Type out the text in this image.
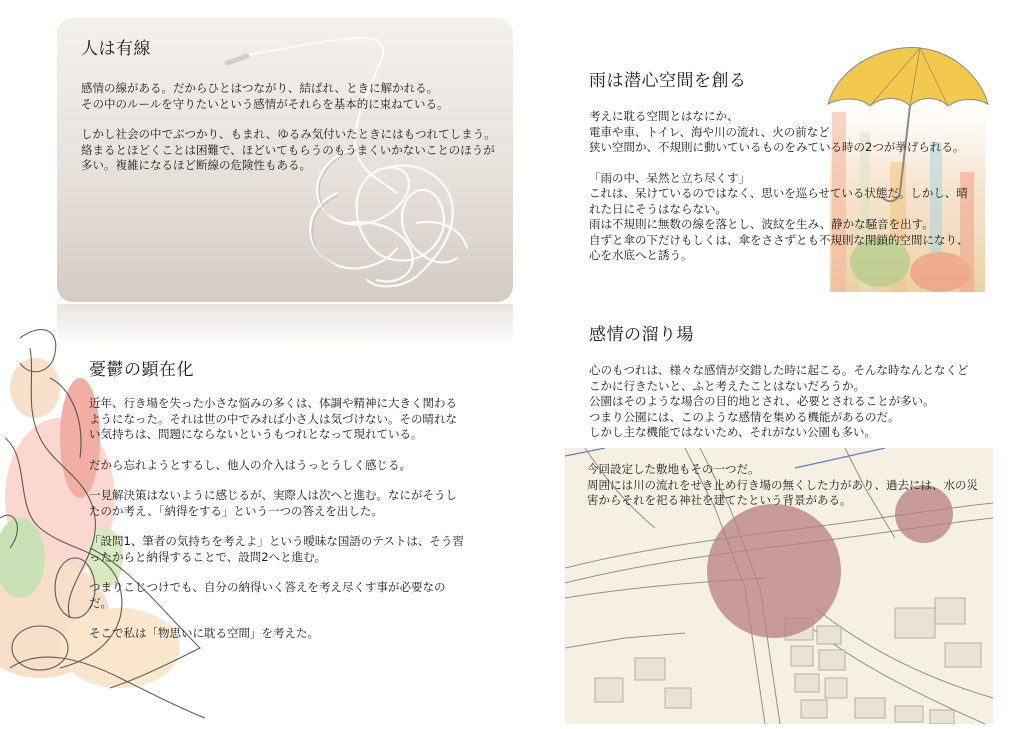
人は有線

感情の線がある。だからひとはつながり、結ばれ、ときに解かれる。
その中のルールを守りたいという感情がそれらを基本的に束ねている。

しかし社会の中でぶつかり、もまれ、ゆるみ気付いたときにはもつれてしまう。
絡まるとほどくことは困難で、ほどいてもらうのもうまくいかないことのほうが多い。複雑になるほど断線の危険性もある。

憂鬱の顕在化

近年、行き場を失った小さな悩みの多くは、体調や精神に大きく関わるようになった。それは世の中でみれば小さ人は気づけない。その晴れない気持ちは、問題にならないというもつれとなって現れている。

だから忘れようとするし、他人の介入はうっとうしく感じる。

一見解決策はないように感じるが、実際人は次へと進む。なにがそうしたのか考え、「納得をする」という一つの答えを出した。

「設問1、筆者の気持ちを考えよ」という曖昧な国語のテストは、そう習ったからと納得することで、設問2へと進む。

つまりこじつけでも、自分の納得いく答えを考え尽くす事が必要なのだ。

そこで私は「物思いに耽る空間」を考えた。

雨は潜心空間を創る

考えに耽る空間とはなにか、
電車や車、トイレ、海や川の流れ、火の前など
狭い空間か、不規則に動いているものをみている時の2つが挙げられる。

「雨の中、呆然と立ち尽くす」
これは、呆けているのではなく、思いを巡らせている状態だ。しかし、晴れた日にそうはならない。
雨は不規則に無数の線を落とし、波紋を生み、静かな騒音を出す。
自ずと傘の下だけもしくは、傘をささずとも不規則な閉鎖的空間になり、心を水底へと誘う。

感情の溜り場

心のもつれは、様々な感情が交錯した時に起こる。そんな時なんとなくどこかに行きたいと、ふと考えたことはないだろうか。
公園はそのような場合の目的地とされ、必要とされることが多い。
つまり公園には、このような感情を集める機能があるのだ。
しかし主な機能ではないため、それがない公園も多い。

今回設定した敷地もその一つだ。
周囲には川の流れをせき止め行き場の無くした力があり、過去には、水の災害からそれを祀る神社を建てたという背景がある。
